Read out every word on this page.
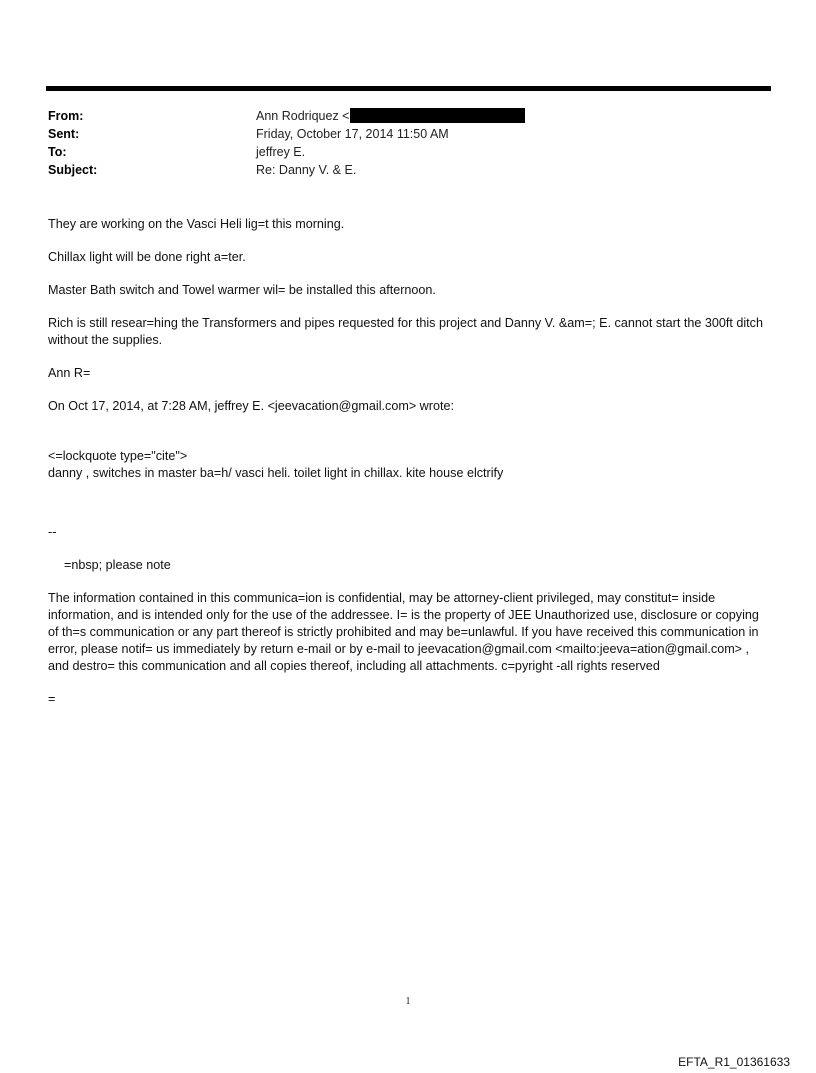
From:	Ann Rodriquez <
Sent:	Friday, October 17, 2014 11:50 AM
To:	jeffrey E.
Subject:	Re: Danny V. & E.

They are working on the Vasci Heli lig=t this morning.

Chillax light will be done right a=ter.

Master Bath switch and Towel warmer wil= be installed this afternoon.

Rich is still resear=hing the Transformers and pipes requested for this project and Danny V. &am=; E. cannot start the 300ft ditch without the supplies.

Ann R=

On Oct 17, 2014, at 7:28 AM, jeffrey E. <jeevacation@gmail.com> wrote:

<=lockquote type="cite">

danny , switches in master ba=h/ vasci heli. toilet light in chillax. kite house elctrify

--

=nbsp; please note

The information contained in this communica=ion is confidential, may be attorney-client privileged, may constitut= inside information, and is intended only for the use of the addressee. I= is the property of JEE Unauthorized use, disclosure or copying of th=s communication or any part thereof is strictly prohibited and may be=unlawful. If you have received this communication in error, please notif= us immediately by return e-mail or by e-mail to jeevacation@gmail.com <mailto:jeeva=ation@gmail.com> , and destro= this communication and all copies thereof, including all attachments. c=pyright -all rights reserved

=

1
EFTA_R1_01361633
